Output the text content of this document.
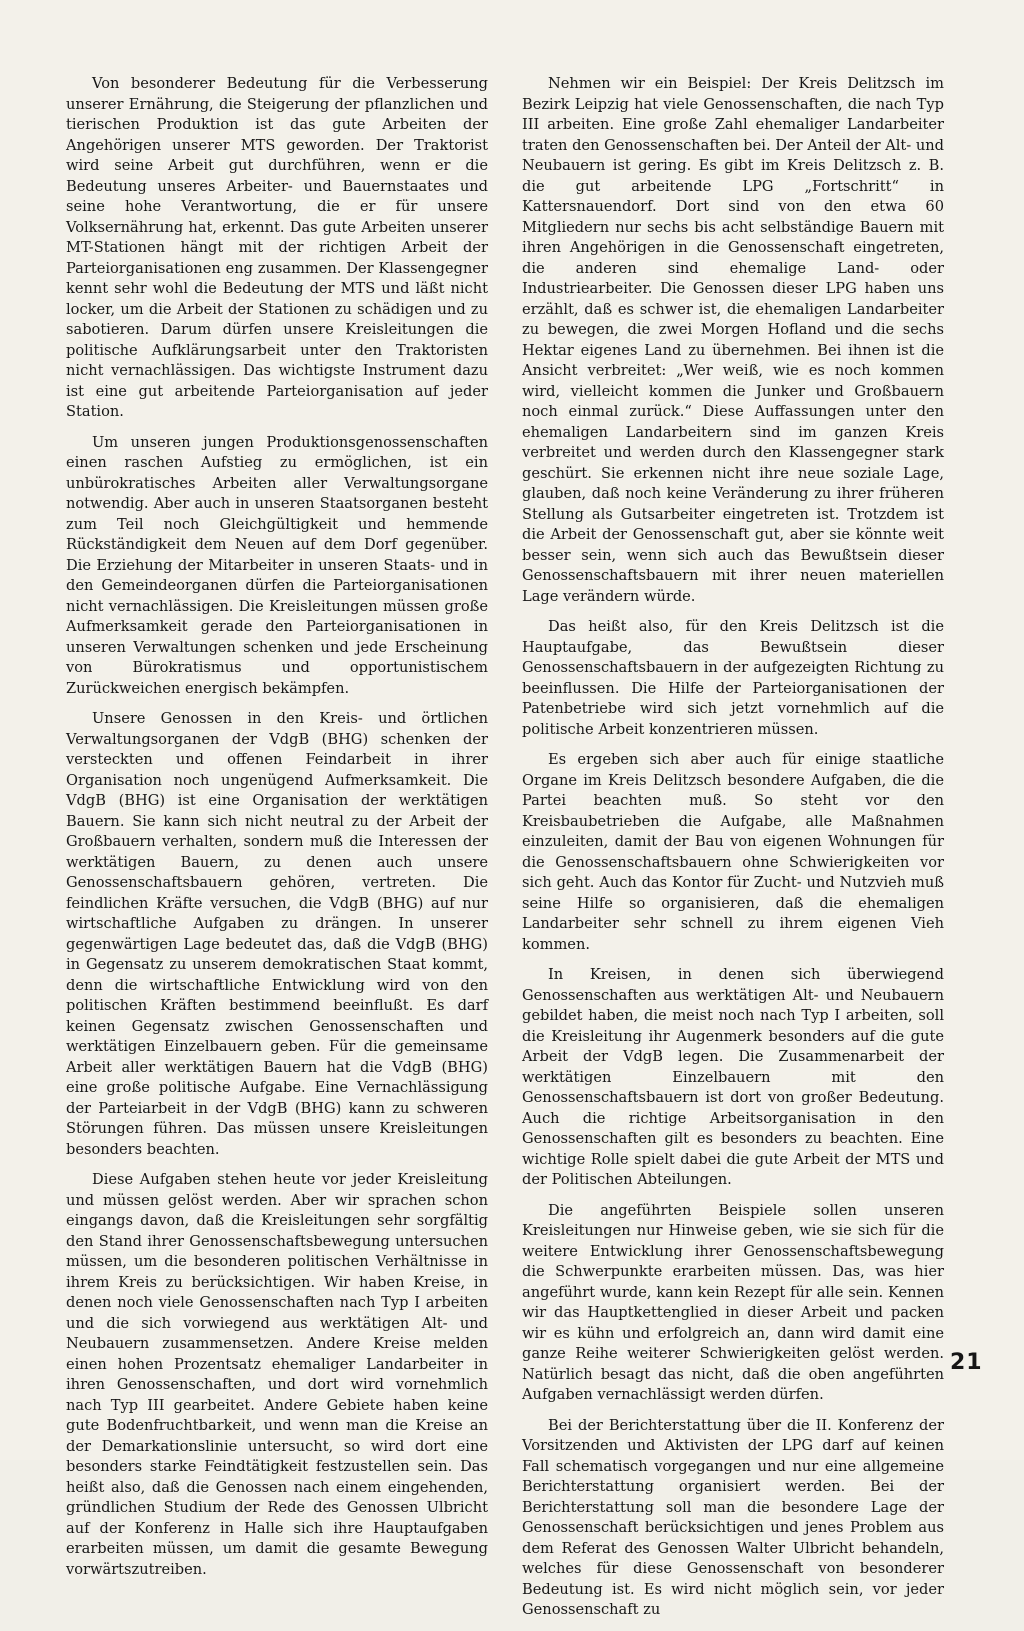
Von besonderer Bedeutung für die Verbesserung unserer Ernährung, die Steigerung der pflanzlichen und tierischen Produktion ist das gute Arbeiten der Angehörigen unserer MTS geworden. Der Traktorist wird seine Arbeit gut durchführen, wenn er die Bedeutung unseres Arbeiter- und Bauernstaates und seine hohe Verantwortung, die er für unsere Volksernährung hat, erkennt. Das gute Arbeiten unserer MT-Stationen hängt mit der richtigen Arbeit der Parteiorganisationen eng zusammen. Der Klassengegner kennt sehr wohl die Bedeutung der MTS und läßt nicht locker, um die Arbeit der Stationen zu schädigen und zu sabotieren. Darum dürfen unsere Kreisleitungen die politische Aufklärungsarbeit unter den Traktoristen nicht vernachlässigen. Das wichtigste Instrument dazu ist eine gut arbeitende Parteiorganisation auf jeder Station.

Um unseren jungen Produktionsgenossenschaften einen raschen Aufstieg zu ermöglichen, ist ein unbürokratisches Arbeiten aller Verwaltungsorgane notwendig. Aber auch in unseren Staatsorganen besteht zum Teil noch Gleichgültigkeit und hemmende Rückständigkeit dem Neuen auf dem Dorf gegenüber. Die Erziehung der Mitarbeiter in unseren Staats- und in den Gemeindeorganen dürfen die Parteiorganisationen nicht vernachlässigen. Die Kreisleitungen müssen große Aufmerksamkeit gerade den Parteiorganisationen in unseren Verwaltungen schenken und jede Erscheinung von Bürokratismus und opportunistischem Zurückweichen energisch bekämpfen.

Unsere Genossen in den Kreis- und örtlichen Verwaltungsorganen der VdgB (BHG) schenken der versteckten und offenen Feindarbeit in ihrer Organisation noch ungenügend Aufmerksamkeit. Die VdgB (BHG) ist eine Organisation der werktätigen Bauern. Sie kann sich nicht neutral zu der Arbeit der Großbauern verhalten, sondern muß die Interessen der werktätigen Bauern, zu denen auch unsere Genossenschaftsbauern gehören, vertreten. Die feindlichen Kräfte versuchen, die VdgB (BHG) auf nur wirtschaftliche Aufgaben zu drängen. In unserer gegenwärtigen Lage bedeutet das, daß die VdgB (BHG) in Gegensatz zu unserem demokratischen Staat kommt, denn die wirtschaftliche Entwicklung wird von den politischen Kräften bestimmend beeinflußt. Es darf keinen Gegensatz zwischen Genossenschaften und werktätigen Einzelbauern geben. Für die gemeinsame Arbeit aller werktätigen Bauern hat die VdgB (BHG) eine große politische Aufgabe. Eine Vernachlässigung der Parteiarbeit in der VdgB (BHG) kann zu schweren Störungen führen. Das müssen unsere Kreisleitungen besonders beachten.

Diese Aufgaben stehen heute vor jeder Kreisleitung und müssen gelöst werden. Aber wir sprachen schon eingangs davon, daß die Kreisleitungen sehr sorgfältig den Stand ihrer Genossenschaftsbewegung untersuchen müssen, um die besonderen politischen Verhältnisse in ihrem Kreis zu berücksichtigen. Wir haben Kreise, in denen noch viele Genossenschaften nach Typ I arbeiten und die sich vorwiegend aus werktätigen Alt- und Neubauern zusammensetzen. Andere Kreise melden einen hohen Prozentsatz ehemaliger Landarbeiter in ihren Genossenschaften, und dort wird vornehmlich nach Typ III gearbeitet. Andere Gebiete haben keine gute Bodenfruchtbarkeit, und wenn man die Kreise an der Demarkationslinie untersucht, so wird dort eine besonders starke Feindtätigkeit festzustellen sein. Das heißt also, daß die Genossen nach einem eingehenden, gründlichen Studium der Rede des Genossen Ulbricht auf der Konferenz in Halle sich ihre Hauptaufgaben erarbeiten müssen, um damit die gesamte Bewegung vorwärtszutreiben.

Nehmen wir ein Beispiel: Der Kreis Delitzsch im Bezirk Leipzig hat viele Genossenschaften, die nach Typ III arbeiten. Eine große Zahl ehemaliger Landarbeiter traten den Genossenschaften bei. Der Anteil der Alt- und Neubauern ist gering. Es gibt im Kreis Delitzsch z. B. die gut arbeitende LPG „Fortschritt“ in Kattersnauendorf. Dort sind von den etwa 60 Mitgliedern nur sechs bis acht selbständige Bauern mit ihren Angehörigen in die Genossenschaft eingetreten, die anderen sind ehemalige Land- oder Industriearbeiter. Die Genossen dieser LPG haben uns erzählt, daß es schwer ist, die ehemaligen Landarbeiter zu bewegen, die zwei Morgen Hofland und die sechs Hektar eigenes Land zu übernehmen. Bei ihnen ist die Ansicht verbreitet: „Wer weiß, wie es noch kommen wird, vielleicht kommen die Junker und Großbauern noch einmal zurück.“ Diese Auffassungen unter den ehemaligen Landarbeitern sind im ganzen Kreis verbreitet und werden durch den Klassengegner stark geschürt. Sie erkennen nicht ihre neue soziale Lage, glauben, daß noch keine Veränderung zu ihrer früheren Stellung als Gutsarbeiter eingetreten ist. Trotzdem ist die Arbeit der Genossenschaft gut, aber sie könnte weit besser sein, wenn sich auch das Bewußtsein dieser Genossenschaftsbauern mit ihrer neuen materiellen Lage verändern würde.

Das heißt also, für den Kreis Delitzsch ist die Hauptaufgabe, das Bewußtsein dieser Genossenschaftsbauern in der aufgezeigten Richtung zu beeinflussen. Die Hilfe der Parteiorganisationen der Patenbetriebe wird sich jetzt vornehmlich auf die politische Arbeit konzentrieren müssen.

Es ergeben sich aber auch für einige staatliche Organe im Kreis Delitzsch besondere Aufgaben, die die Partei beachten muß. So steht vor den Kreisbaubetrieben die Aufgabe, alle Maßnahmen einzuleiten, damit der Bau von eigenen Wohnungen für die Genossenschaftsbauern ohne Schwierigkeiten vor sich geht. Auch das Kontor für Zucht- und Nutzvieh muß seine Hilfe so organisieren, daß die ehemaligen Landarbeiter sehr schnell zu ihrem eigenen Vieh kommen.

In Kreisen, in denen sich überwiegend Genossenschaften aus werktätigen Alt- und Neubauern gebildet haben, die meist noch nach Typ I arbeiten, soll die Kreisleitung ihr Augenmerk besonders auf die gute Arbeit der VdgB legen. Die Zusammenarbeit der werktätigen Einzelbauern mit den Genossenschaftsbauern ist dort von großer Bedeutung. Auch die richtige Arbeitsorganisation in den Genossenschaften gilt es besonders zu beachten. Eine wichtige Rolle spielt dabei die gute Arbeit der MTS und der Politischen Abteilungen.

Die angeführten Beispiele sollen unseren Kreisleitungen nur Hinweise geben, wie sie sich für die weitere Entwicklung ihrer Genossenschaftsbewegung die Schwerpunkte erarbeiten müssen. Das, was hier angeführt wurde, kann kein Rezept für alle sein. Kennen wir das Hauptkettenglied in dieser Arbeit und packen wir es kühn und erfolgreich an, dann wird damit eine ganze Reihe weiterer Schwierigkeiten gelöst werden. Natürlich besagt das nicht, daß die oben angeführten Aufgaben vernachlässigt werden dürfen.

Bei der Berichterstattung über die II. Konferenz der Vorsitzenden und Aktivisten der LPG darf auf keinen Fall schematisch vorgegangen und nur eine allgemeine Berichterstattung organisiert werden. Bei der Berichterstattung soll man die besondere Lage der Genossenschaft berücksichtigen und jenes Problem aus dem Referat des Genossen Walter Ulbricht behandeln, welches für diese Genossenschaft von besonderer Bedeutung ist. Es wird nicht möglich sein, vor jeder Genossenschaft zu

21
